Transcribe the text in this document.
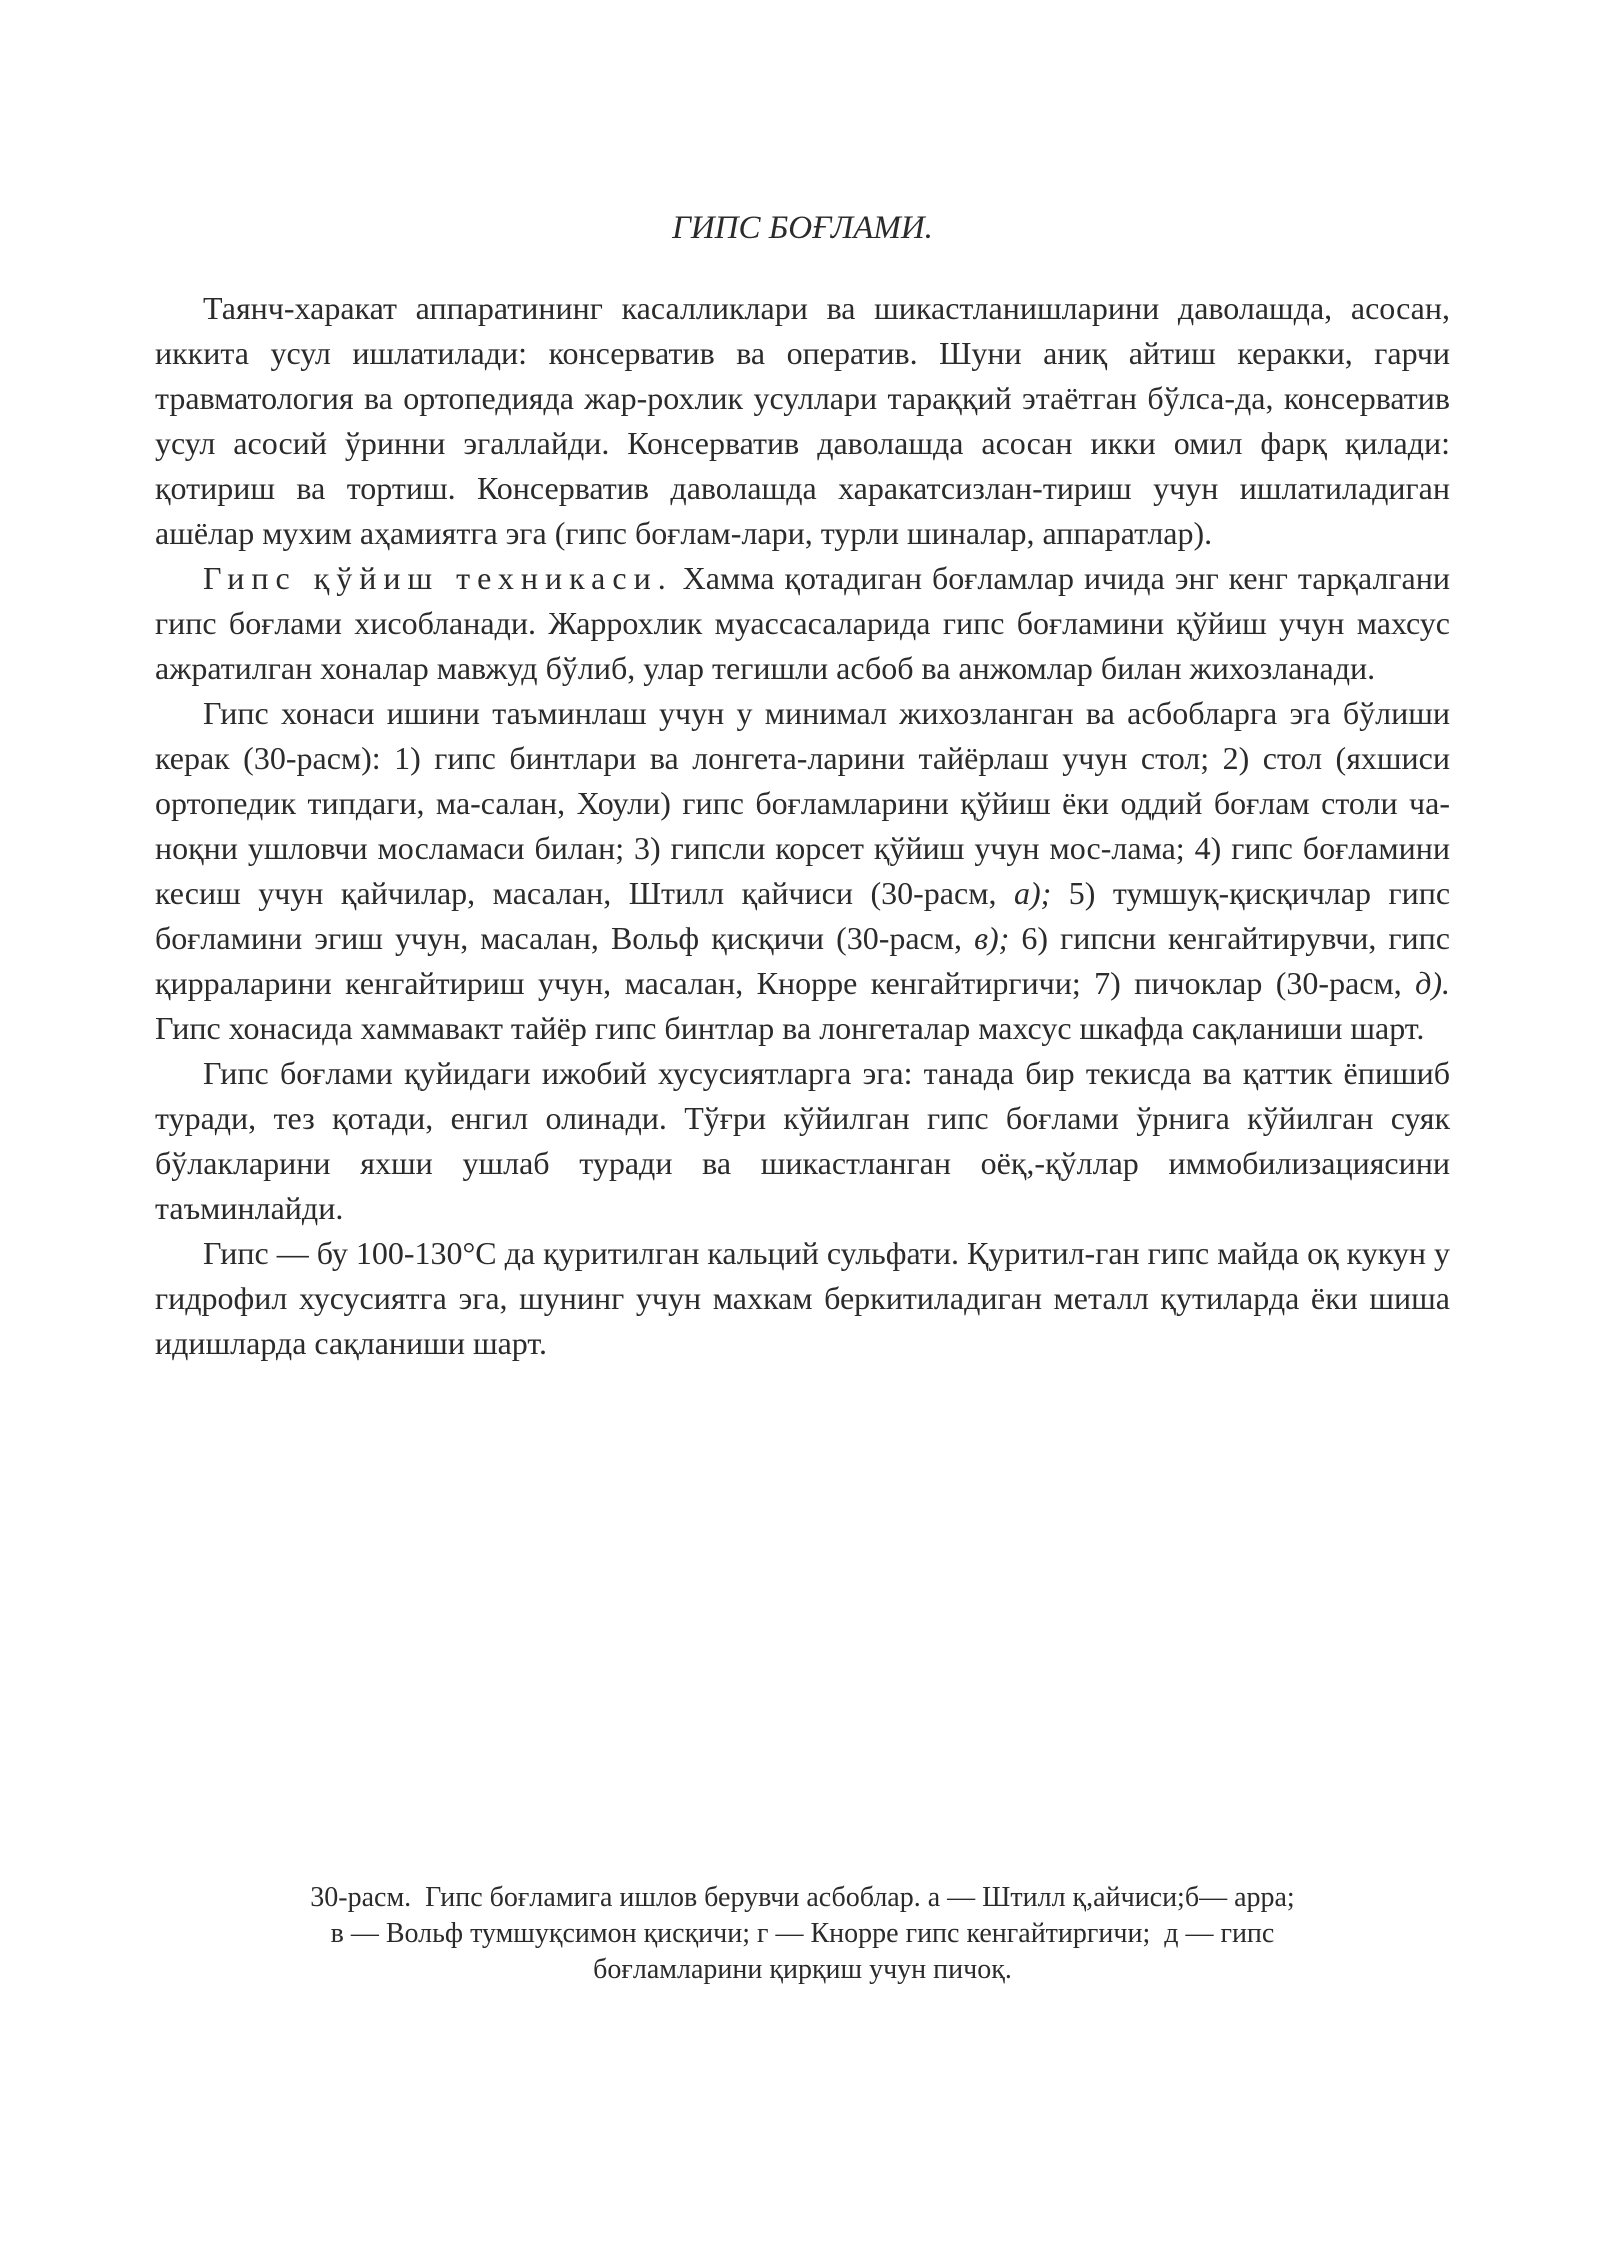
ГИПС БОҒЛАМИ.

Таянч-харакат аппаратининг касалликлари ва шикастланишларини даволашда, асосан, иккита усул ишлатилади: консерватив ва оператив. Шуни аниқ айтиш керакки, гарчи травматология ва ортопедияда жар-рохлик усуллари тараққий этаётган бўлса-да, консерватив усул асосий ўринни эгаллайди. Консерватив даволашда асосан икки омил фарқ қилади: қотириш ва тортиш. Консерватив даволашда харакатсизлан-тириш учун ишлатиладиган ашёлар мухим аҳамиятга эга (гипс боғлам-лари, турли шиналар, аппаратлар).

Гипс қўйиш техникаси. Хамма қотадиган боғламлар ичида энг кенг тарқалгани гипс боғлами хисобланади. Жаррохлик муассасаларида гипс боғламини қўйиш учун махсус ажратилган хоналар мавжуд бўлиб, улар тегишли асбоб ва анжомлар билан жихозланади.

Гипс хонаси ишини таъминлаш учун у минимал жихозланган ва асбобларга эга бўлиши керак (30-расм): 1) гипс бинтлари ва лонгета-ларини тайёрлаш учун стол; 2) стол (яхшиси ортопедик типдаги, ма-салан, Хоули) гипс боғламларини қўйиш ёки оддий боғлам столи ча-ноқни ушловчи мосламаси билан; 3) гипсли корсет қўйиш учун мос-лама; 4) гипс боғламини кесиш учун қайчилар, масалан, Штилл қайчиси (30-расм, а); 5) тумшуқ-қисқичлар гипс боғламини эгиш учун, масалан, Вольф қисқичи (30-расм, в); 6) гипсни кенгайтирувчи, гипс қирраларини кенгайтириш учун, масалан, Кнорре кенгайтиргичи; 7) пичоклар (30-расм, д). Гипс хонасида хаммавакт тайёр гипс бинтлар ва лонгеталар махсус шкафда сақланиши шарт.

Гипс боғлами қуйидаги ижобий хусусиятларга эга: танада бир текисда ва қаттик ёпишиб туради, тез қотади, енгил олинади. Тўғри кўйилган гипс боғлами ўрнига кўйилган суяк бўлакларини яхши ушлаб туради ва шикастланган оёқ,-қўллар иммобилизациясини таъминлайди.

Гипс — бу 100-130°С да қуритилган кальций сульфати. Қуритил-ган гипс майда оқ кукун у гидрофил хусусиятга эга, шунинг учун махкам беркитиладиган металл қутиларда ёки шиша идишларда сақланиши шарт.

30-расм.  Гипс боғламига ишлов берувчи асбоблар. а — Штилл қ,айчиси;б— арра;
в — Вольф тумшуқсимон қисқичи; г — Кнорре гипс кенгайтиргичи;  д — гипс
боғламларини қирқиш учун пичоқ.
